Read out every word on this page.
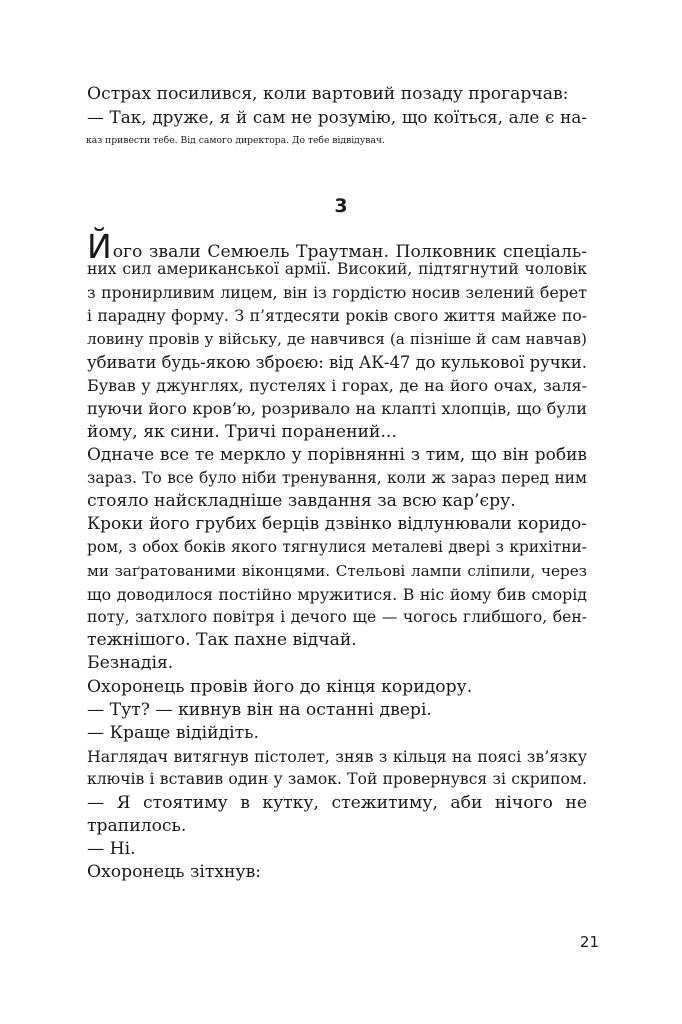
Острах посилився, коли вартовий позаду прогарчав:
— Так, друже, я й сам не розумію, що коїться, але є на-
каз привести тебе. Від самого директора. До тебе відвідувач.
3
Його звали Семюель Траутман. Полковник спеціаль-
них сил американської армії. Високий, підтягнутий чоловік
з пронирливим лицем, він із гордістю носив зелений берет
і парадну форму. З п’ятдесяти років свого життя майже по-
ловину провів у війську, де навчився (а пізніше й сам навчав)
убивати будь-якою зброєю: від АК-47 до кулькової ручки.
Бував у джунглях, пустелях і горах, де на його очах, заля-
пуючи його кров’ю, розривало на клапті хлопців, що були
йому, як сини. Тричі поранений...
Одначе все те меркло у порівнянні з тим, що він робив
зараз. То все було ніби тренування, коли ж зараз перед ним
стояло найскладніше завдання за всю кар’єру.
Кроки його грубих берців дзвінко відлунювали коридо-
ром, з обох боків якого тягнулися металеві двері з крихітни-
ми заґратованими віконцями. Стельові лампи сліпили, через
що доводилося постійно мружитися. В ніс йому бив сморід
поту, затхлого повітря і дечого ще — чогось глибшого, бен-
тежнішого. Так пахне відчай.
Безнадія.
Охоронець провів його до кінця коридору.
— Тут? — кивнув він на останні двері.
— Краще відійдіть.
Наглядач витягнув пістолет, зняв з кільця на поясі зв’язку
ключів і вставив один у замок. Той провернувся зі скрипом.
— Я стоятиму в кутку, стежитиму, аби нічого не
трапилось.
— Ні.
Охоронець зітхнув:
21
